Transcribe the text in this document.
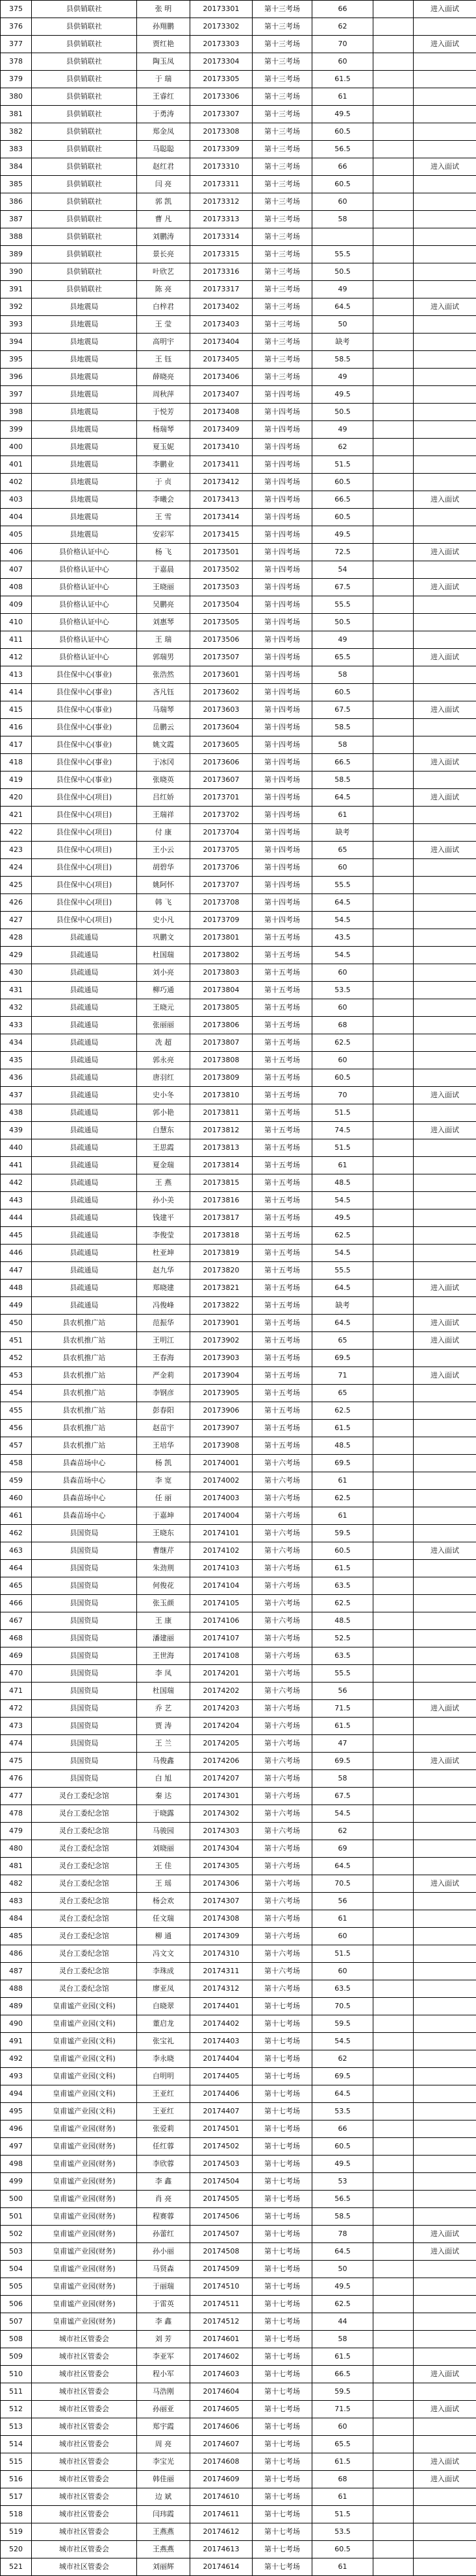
375	县供销联社	张 明	20173301	第十三考场	66		进入面试
376	县供销联社	孙翔鹏	20173302	第十三考场	62		
377	县供销联社	贾红艳	20173303	第十三考场	70		进入面试
378	县供销联社	陶玉凤	20173304	第十三考场	60		
379	县供销联社	于 瑞	20173305	第十三考场	61.5		
380	县供销联社	王睿红	20173306	第十三考场	61		
381	县供销联社	于勇涛	20173307	第十三考场	49.5		
382	县供销联社	郑金凤	20173308	第十三考场	60.5		
383	县供销联社	马聪聪	20173309	第十三考场	56.5		
384	县供销联社	赵红君	20173310	第十三考场	66		进入面试
385	县供销联社	闫 亮	20173311	第十三考场	60.5		
386	县供销联社	郭 凯	20173312	第十三考场	60		
387	县供销联社	曹 凡	20173313	第十三考场	58		
388	县供销联社	刘鹏涛	20173314	第十三考场			
389	县供销联社	景长亮	20173315	第十三考场	55.5		
390	县供销联社	叶欣艺	20173316	第十三考场	50.5		
391	县供销联社	陈 亮	20173317	第十三考场	49		
392	县地震局	白梓君	20173402	第十三考场	64.5		进入面试
393	县地震局	王 莹	20173403	第十三考场	50		
394	县地震局	高明宇	20173404	第十三考场	缺考		
395	县地震局	王 钰	20173405	第十三考场	58.5		
396	县地震局	薛晓亮	20173406	第十三考场	49		
397	县地震局	周秋萍	20173407	第十四考场	49.5		
398	县地震局	于悦芳	20173408	第十四考场	50.5		
399	县地震局	杨瑞琴	20173409	第十四考场	49		
400	县地震局	夏玉妮	20173410	第十四考场	62		
401	县地震局	李鹏业	20173411	第十四考场	51.5		
402	县地震局	于 贞	20173412	第十四考场	60.5		
403	县地震局	李曦会	20173413	第十四考场	66.5		进入面试
404	县地震局	王 雪	20173414	第十四考场	60.5		
405	县地震局	安彩军	20173415	第十四考场	49.5		
406	县价格认证中心	杨 飞	20173501	第十四考场	72.5		进入面试
407	县价格认证中心	于嘉晨	20173502	第十四考场	54		
408	县价格认证中心	王晓丽	20173503	第十四考场	67.5		进入面试
409	县价格认证中心	吴鹏亮	20173504	第十四考场	55.5		
410	县价格认证中心	刘惠琴	20173505	第十四考场	50.5		
411	县价格认证中心	王 瑞	20173506	第十四考场	49		
412	县价格认证中心	郭瑞男	20173507	第十四考场	65.5		进入面试
413	县住保中心(事业)	张浩然	20173601	第十四考场	58		
414	县住保中心(事业)	吝凡钰	20173602	第十四考场	60.5		
415	县住保中心(事业)	马瑞琴	20173603	第十四考场	67.5		进入面试
416	县住保中心(事业)	岳鹏云	20173604	第十四考场	58.5		
417	县住保中心(事业)	姚文霞	20173605	第十四考场	58		
418	县住保中心(事业)	于冰冈	20173606	第十四考场	66.5		进入面试
419	县住保中心(事业)	张晓英	20173607	第十四考场	58.5		
420	县住保中心(项目)	吕红娇	20173701	第十四考场	64.5		进入面试
421	县住保中心(项目)	王瑞祥	20173702	第十四考场	61		
422	县住保中心(项目)	付 康	20173704	第十四考场	缺考		
423	县住保中心(项目)	王小云	20173705	第十四考场	65		进入面试
424	县住保中心(项目)	胡碧华	20173706	第十四考场	60		
425	县住保中心(项目)	姚阿怀	20173707	第十四考场	55.5		
426	县住保中心(项目)	韩 飞	20173708	第十四考场	64.5		
427	县住保中心(项目)	史小凡	20173709	第十四考场	54.5		
428	县疏通局	巩鹏文	20173801	第十五考场	43.5		
429	县疏通局	杜国瑞	20173802	第十五考场	54.5		
430	县疏通局	刘小亮	20173803	第十五考场	60		
431	县疏通局	柳巧通	20173804	第十五考场	53.5		
432	县疏通局	王晓元	20173805	第十五考场	60		
433	县疏通局	张丽丽	20173806	第十五考场	68		
434	县疏通局	冼 超	20173807	第十五考场	62.5		
435	县疏通局	郭永亮	20173808	第十五考场	60		
436	县疏通局	唐羽红	20173809	第十五考场	60.5		
437	县疏通局	史小冬	20173810	第十五考场	70		进入面试
438	县疏通局	郭小艳	20173811	第十五考场	51.5		
439	县疏通局	白慧东	20173812	第十五考场	74.5		进入面试
440	县疏通局	王思霞	20173813	第十五考场	51.5		
441	县疏通局	夏金瑞	20173814	第十五考场	61		
442	县疏通局	王 燕	20173815	第十五考场	48.5		
443	县疏通局	孙小美	20173816	第十五考场	54.5		
444	县疏通局	钱建平	20173817	第十五考场	49.5		
445	县疏通局	李俊莹	20173818	第十五考场	62.5		
446	县疏通局	杜亚坤	20173819	第十五考场	54.5		
447	县疏通局	赵九华	20173820	第十五考场	55.5		
448	县疏通局	郑晓建	20173821	第十五考场	64.5		进入面试
449	县疏通局	冯俊峰	20173822	第十五考场	缺考		
450	县农机推广站	范振华	20173901	第十五考场	64.5		进入面试
451	县农机推广站	王明江	20173902	第十五考场	65		进入面试
452	县农机推广站	王春海	20173903	第十五考场	69.5		
453	县农机推广站	严金莉	20173904	第十五考场	71		进入面试
454	县农机推广站	李钢彦	20173905	第十五考场	65		
455	县农机推广站	彭春阳	20173906	第十五考场	62.5		
456	县农机推广站	赵苗宇	20173907	第十五考场	61.5		
457	县农机推广站	王培华	20173908	第十五考场	48.5		
458	县森苗场中心	杨 凯	20174001	第十六考场	69.5		
459	县森苗场中心	李 宽	20174002	第十六考场	61		
460	县森苗场中心	任 丽	20174003	第十六考场	62.5		
461	县森苗场中心	于嘉坤	20174004	第十六考场	61		
462	县国资局	王晓东	20174101	第十六考场	59.5		
463	县国资局	曹继芹	20174102	第十六考场	60.5		进入面试
464	县国资局	朱劲荆	20174103	第十六考场	61.5		
465	县国资局	何俊花	20174104	第十六考场	63.5		
466	县国资局	张玉颜	20174105	第十六考场	62.5		
467	县国资局	王 康	20174106	第十六考场	48.5		
468	县国资局	潘建丽	20174107	第十六考场	52.5		
469	县国资局	王世海	20174108	第十六考场	63.5		
470	县国资局	李 凤	20174201	第十六考场	55.5		
471	县国资局	杜国瑞	20174202	第十六考场	56		
472	县国资局	乔 艺	20174203	第十六考场	71.5		进入面试
473	县国资局	贾 涛	20174204	第十六考场	61.5		
474	县国资局	王 兰	20174205	第十六考场	47		
475	县国资局	马俊鑫	20174206	第十六考场	69.5		进入面试
476	县国资局	白 旭	20174207	第十六考场	58		
477	灵台工委纪念馆	秦 达	20174301	第十六考场	67.5		
478	灵台工委纪念馆	于晓露	20174302	第十六考场	54.5		
479	灵台工委纪念馆	马骏园	20174303	第十六考场	62		
480	灵台工委纪念馆	刘晓丽	20174304	第十六考场	69		
481	灵台工委纪念馆	王 佳	20174305	第十六考场	64.5		
482	灵台工委纪念馆	王 瑶	20174306	第十六考场	70.5		进入面试
483	灵台工委纪念馆	杨会欢	20174307	第十六考场	56		
484	灵台工委纪念馆	任文瑞	20174308	第十六考场	61		
485	灵台工委纪念馆	柳 通	20174309	第十六考场	60		
486	灵台工委纪念馆	冯文文	20174310	第十六考场	51.5		
487	灵台工委纪念馆	李珠成	20174311	第十六考场	60		
488	灵台工委纪念馆	廖亚凤	20174312	第十六考场	63.5		
489	皇甫谧产业园(文科)	白晓翠	20174401	第十七考场	70.5		
490	皇甫谧产业园(文科)	董启龙	20174402	第十七考场	59.5		
491	皇甫谧产业园(文科)	张宝礼	20174403	第十七考场	54.5		
492	皇甫谧产业园(文科)	李永晓	20174404	第十七考场	62		
493	皇甫谧产业园(文科)	白明明	20174405	第十七考场	69.5		
494	皇甫谧产业园(文科)	王亚红	20174406	第十七考场	64.5		
495	皇甫谧产业园(文科)	王亚红	20174407	第十七考场	53.5		
496	皇甫谧产业园(财务)	张爱莉	20174501	第十七考场	66		
497	皇甫谧产业园(财务)	任红蓉	20174502	第十七考场	60.5		
498	皇甫谧产业园(财务)	李欣蓉	20174503	第十七考场	49.5		
499	皇甫谧产业园(财务)	李 鑫	20174504	第十七考场	53		
500	皇甫谧产业园(财务)	肖 亮	20174505	第十七考场	56.5		
501	皇甫谧产业园(财务)	程赛蓉	20174506	第十七考场	58.5		
502	皇甫谧产业园(财务)	孙蕾红	20174507	第十七考场	78		进入面试
503	皇甫谧产业园(财务)	孙小丽	20174508	第十七考场	64.5		进入面试
504	皇甫谧产业园(财务)	马贤森	20174509	第十七考场	50		
505	皇甫谧产业园(财务)	于丽瑞	20174510	第十七考场	49.5		
506	皇甫谧产业园(财务)	于雷英	20174511	第十七考场	62.5		
507	皇甫谧产业园(财务)	李 鑫	20174512	第十七考场	44		
508	城市社区管委会	刘 芳	20174601	第十七考场	58		
509	城市社区管委会	李亚军	20174602	第十七考场	61.5		
510	城市社区管委会	程小军	20174603	第十七考场	66.5		进入面试
511	城市社区管委会	马浩刚	20174604	第十七考场	59.5		
512	城市社区管委会	孙丽亚	20174605	第十七考场	71.5		进入面试
513	城市社区管委会	郑宇霞	20174606	第十七考场	60		
514	城市社区管委会	周 亮	20174607	第十七考场	65.5		
515	城市社区管委会	李宝光	20174608	第十七考场	61.5		进入面试
516	城市社区管委会	韩佳丽	20174609	第十七考场	68		进入面试
517	城市社区管委会	边 斌	20174610	第十七考场	61		
518	城市社区管委会	闫玮霞	20174611	第十七考场	51.5		
519	城市社区管委会	王燕燕	20174612	第十七考场	53.5		
520	城市社区管委会	王燕燕	20174613	第十七考场	60.5		
521	城市社区管委会	刘丽辉	20174614	第十七考场	61		
